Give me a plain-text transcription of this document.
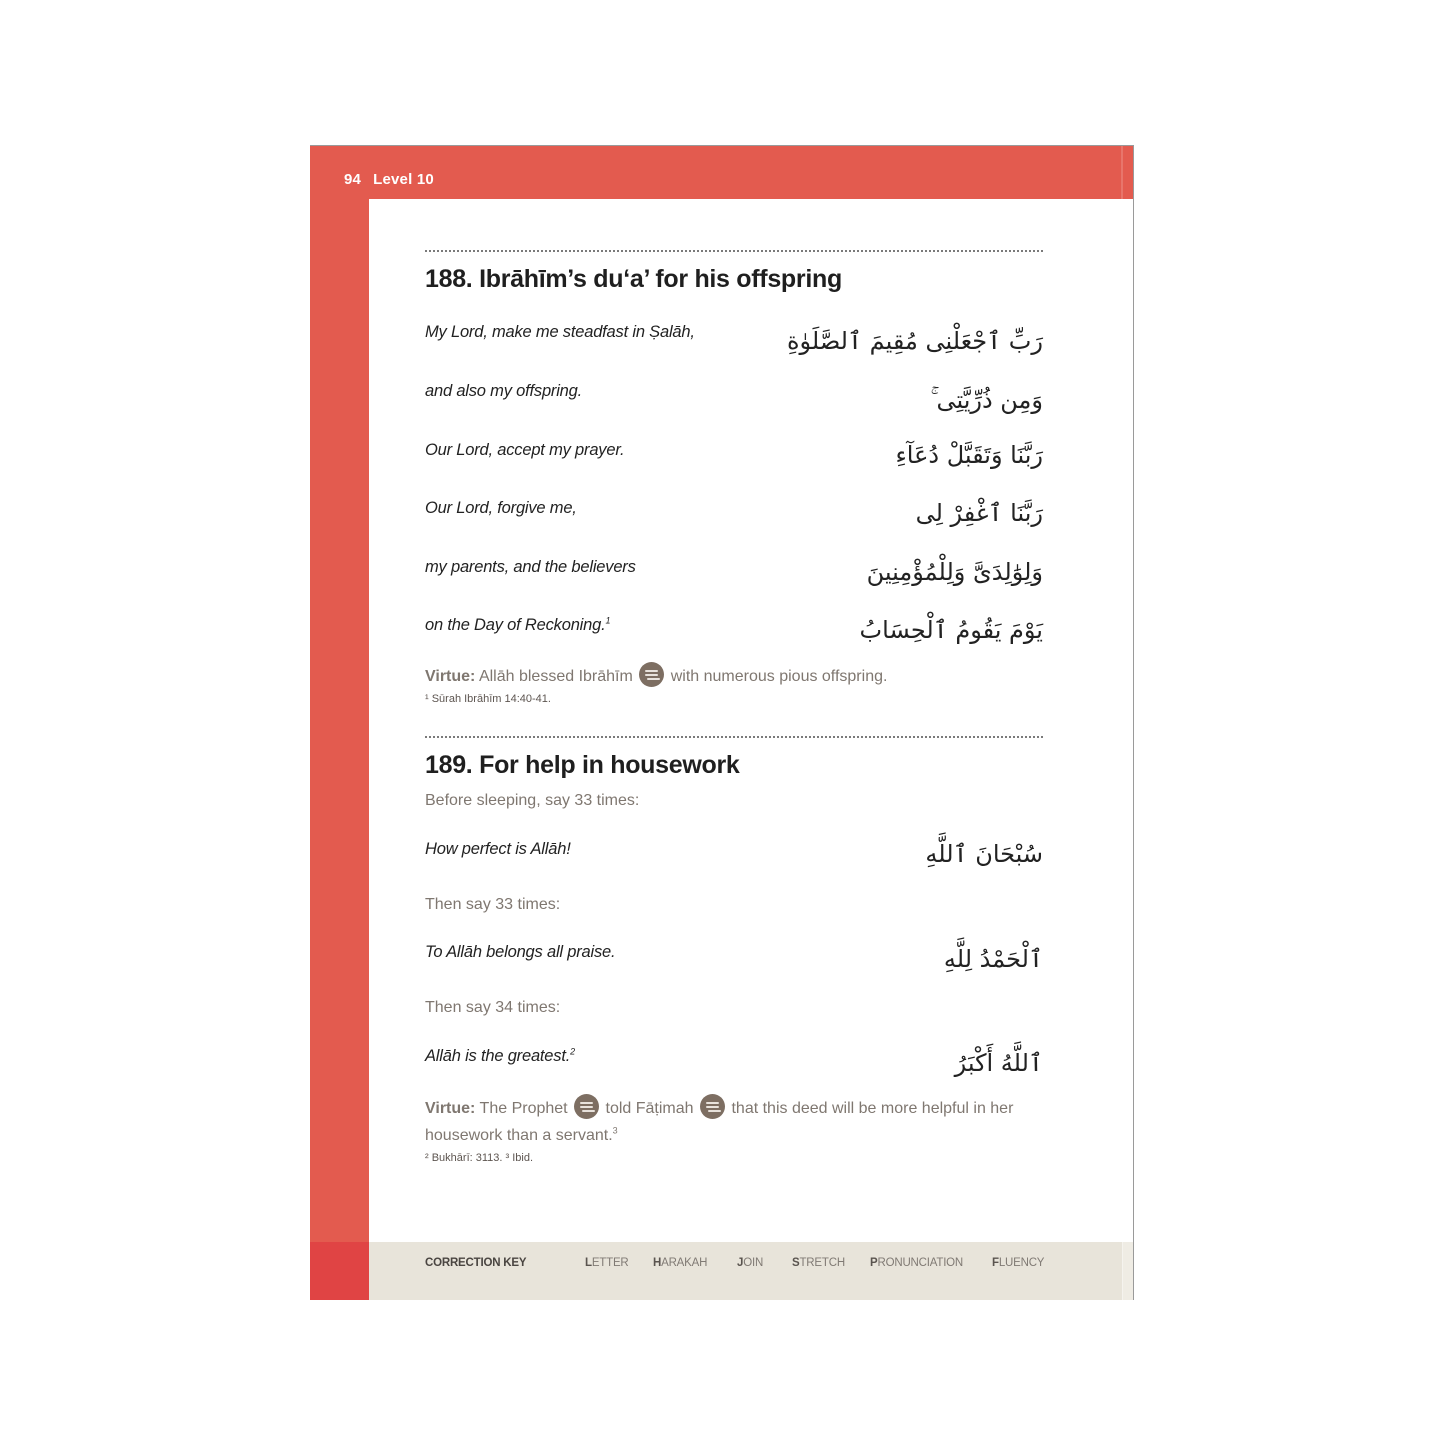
94 Level 10
188. Ibrāhīm’s du‘a’ for his offspring
My Lord, make me steadfast in Ṣalāh,	رَبِّ ٱجْعَلْنِى مُقِيمَ ٱلصَّلَوٰةِ
and also my offspring.	وَمِن ذُرِّيَّتِى ۚ
Our Lord, accept my prayer.	رَبَّنَا وَتَقَبَّلْ دُعَآءِ
Our Lord, forgive me,	رَبَّنَا ٱغْفِرْ لِى
my parents, and the believers	وَلِوَٰلِدَىَّ وَلِلْمُؤْمِنِينَ
on the Day of Reckoning.$^1$	يَوْمَ يَقُومُ ٱلْحِسَابُ
Virtue: Allāh blessed Ibrāhīm with numerous pious offspring.
¹ Sūrah Ibrāhīm 14:40-41.
189. For help in housework
Before sleeping, say 33 times:
How perfect is Allāh!	سُبْحَانَ ٱللَّهِ
Then say 33 times:
To Allāh belongs all praise.	ٱلْحَمْدُ لِلَّهِ
Then say 34 times:
Allāh is the greatest.$^2$	ٱللَّهُ أَكْبَرُ
Virtue: The Prophet told Fāṭimah that this deed will be more helpful in her housework than a servant.$^3$
² Bukhārī: 3113. ³ Ibid.
CORRECTION KEY	LETTER HARAKAH	JOIN	STRETCH PRONUNCIATION	FLUENCY
